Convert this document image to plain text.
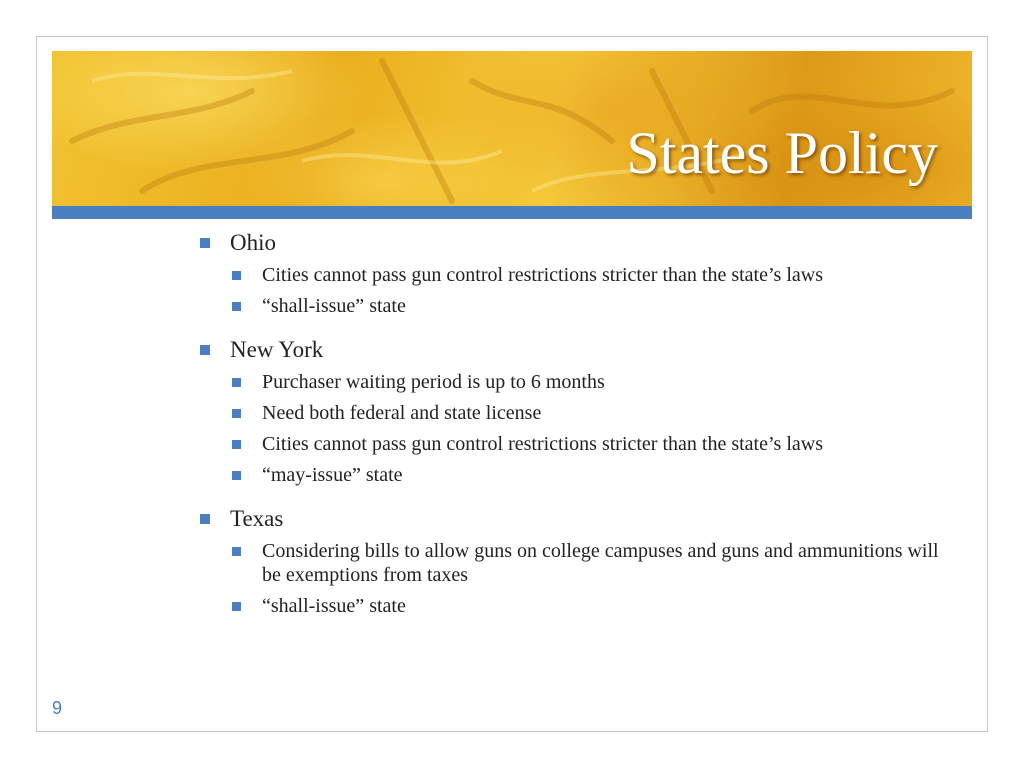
States Policy
Ohio
Cities cannot pass gun control restrictions stricter than the state’s laws
“shall-issue” state
New York
Purchaser waiting period is up to 6 months
Need both federal and state license
Cities cannot pass gun control restrictions stricter than the state’s laws
“may-issue” state
Texas
Considering bills to allow guns on college campuses and guns and ammunitions will be exemptions from taxes
“shall-issue” state
9
